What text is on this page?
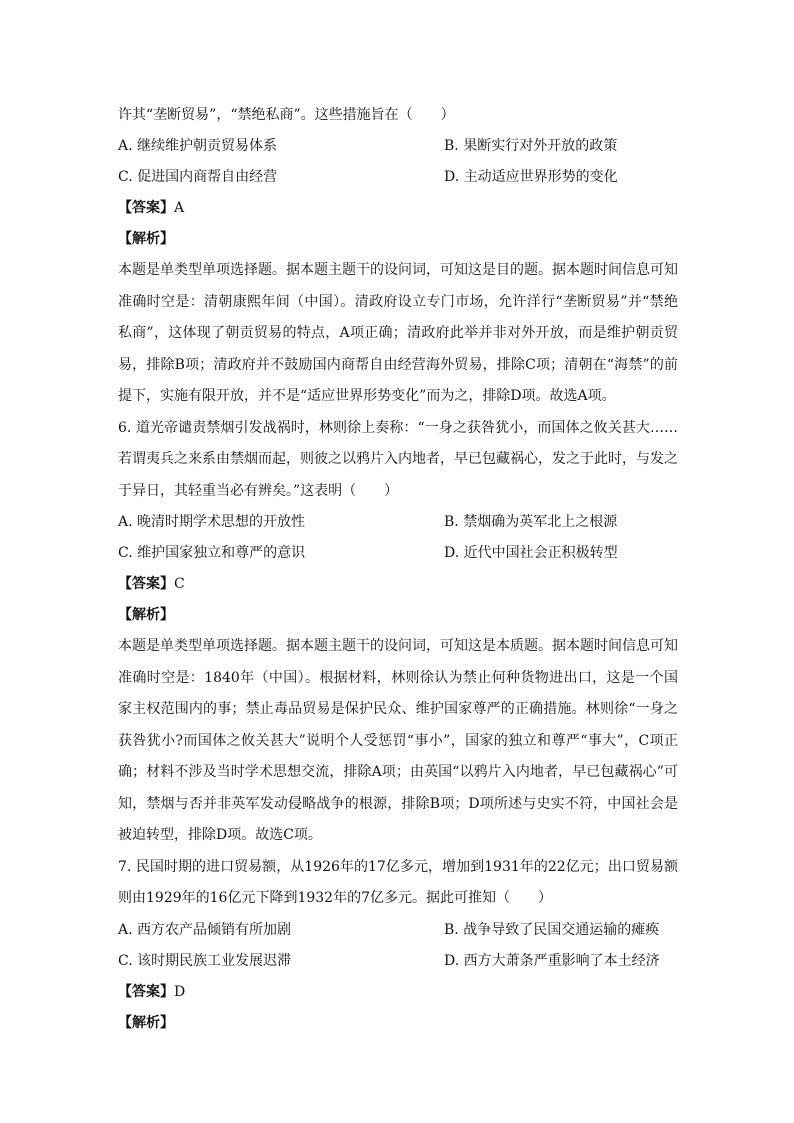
许其“垄断贸易”，“禁绝私商”。这些措施旨在（　　）
A. 继续维护朝贡贸易体系	B. 果断实行对外开放的政策
C. 促进国内商帮自由经营	D. 主动适应世界形势的变化
【答案】A
【解析】
本题是单类型单项选择题。据本题主题干的设问词，可知这是目的题。据本题时间信息可知准确时空是：清朝康熙年间（中国）。清政府设立专门市场，允许洋行“垄断贸易”并“禁绝私商”，这体现了朝贡贸易的特点，A项正确；清政府此举并非对外开放，而是维护朝贡贸易，排除B项；清政府并不鼓励国内商帮自由经营海外贸易，排除C项；清朝在“海禁”的前提下，实施有限开放，并不是“适应世界形势变化”而为之，排除D项。故选A项。
6. 道光帝谴责禁烟引发战祸时，林则徐上奏称：“一身之获咎犹小，而国体之攸关甚大……若谓夷兵之来系由禁烟而起，则彼之以鸦片入内地者，早已包藏祸心，发之于此时，与发之于异日，其轻重当必有辨矣。”这表明（　　）
A. 晚清时期学术思想的开放性	B. 禁烟确为英军北上之根源
C. 维护国家独立和尊严的意识	D. 近代中国社会正积极转型
【答案】C
【解析】
本题是单类型单项选择题。据本题主题干的设问词，可知这是本质题。据本题时间信息可知准确时空是：1840年（中国）。根据材料，林则徐认为禁止何种货物进出口，这是一个国家主权范围内的事；禁止毒品贸易是保护民众、维护国家尊严的正确措施。林则徐“一身之获咎犹小?而国体之攸关甚大”说明个人受惩罚“事小”，国家的独立和尊严“事大”，C项正确；材料不涉及当时学术思想交流，排除A项；由英国“以鸦片入内地者，早已包藏祸心”可知，禁烟与否并非英军发动侵略战争的根源，排除B项；D项所述与史实不符，中国社会是被迫转型，排除D项。故选C项。
7. 民国时期的进口贸易额，从1926年的17亿多元，增加到1931年的22亿元；出口贸易额则由1929年的16亿元下降到1932年的7亿多元。据此可推知（　　）
A. 西方农产品倾销有所加剧	B. 战争导致了民国交通运输的瘫痪
C. 该时期民族工业发展迟滞	D. 西方大萧条严重影响了本土经济
【答案】D
【解析】
